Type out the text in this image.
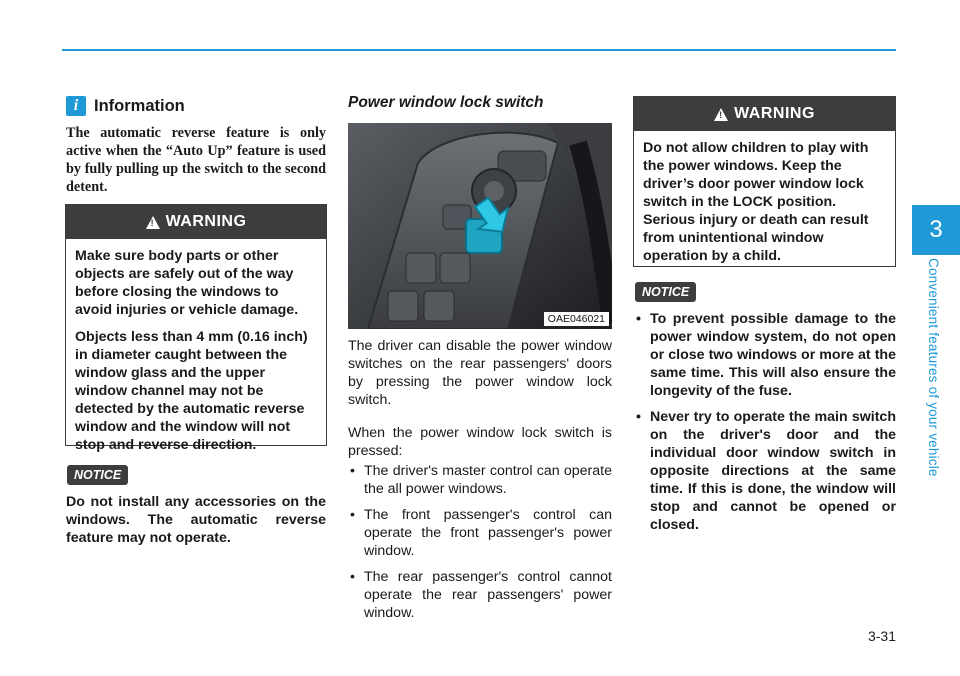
3
Convenient features of your vehicle
3-31
i Information
The automatic reverse feature is only active when the “Auto Up” feature is used by fully pulling up the switch to the second detent.
!
WARNING

Make sure body parts or other objects are safely out of the way before closing the windows to avoid injuries or vehicle damage.

Objects less than 4 mm (0.16 inch) in diameter caught between the window glass and the upper window channel may not be detected by the automatic reverse window and the window will not stop and reverse direction.

NOTICE
Do not install any accessories on the windows. The automatic reverse feature may not operate.
Power window lock switch
OAE046021
The driver can disable the power window switches on the rear passengers' doors by pressing the power window lock switch.
When the power window lock switch is pressed:
• The driver's master control can operate the all power windows.
• The front passenger's control can operate the front passenger's power window.
• The rear passenger's control cannot operate the rear passengers' power window.
!
WARNING

Do not allow children to play with the power windows. Keep the driver’s door power window lock switch in the LOCK position. Serious injury or death can result from unintentional window operation by a child.

NOTICE
• To prevent possible damage to the power window system, do not open or close two windows or more at the same time. This will also ensure the longevity of the fuse.
• Never try to operate the main switch on the driver's door and the individual door window switch in opposite directions at the same time. If this is done, the window will stop and cannot be opened or closed.
